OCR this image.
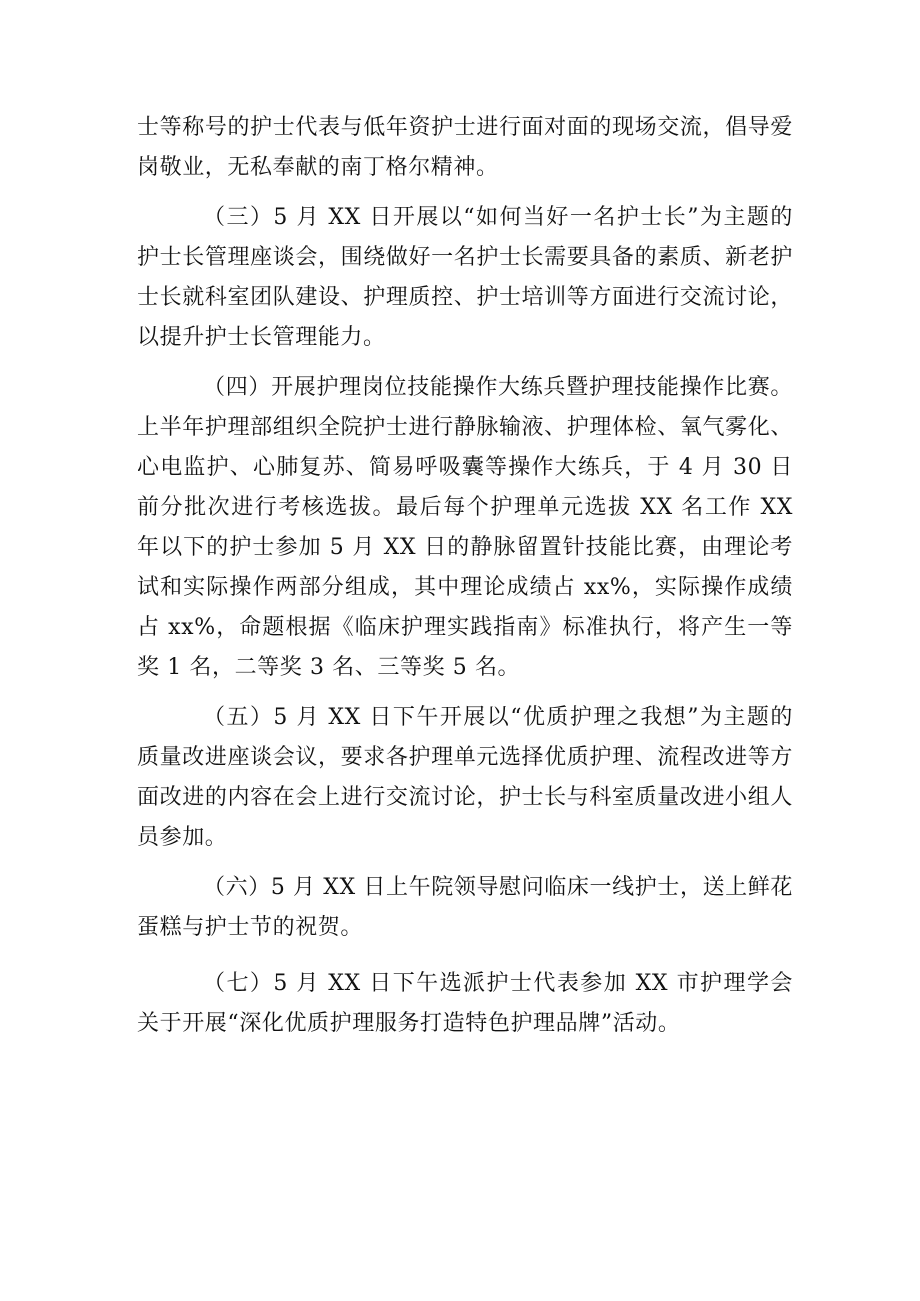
士等称号的护士代表与低年资护士进行面对面的现场交流，倡导爱岗敬业，无私奉献的南丁格尔精神。

（三）5 月 XX 日开展以“如何当好一名护士长”为主题的护士长管理座谈会，围绕做好一名护士长需要具备的素质、新老护士长就科室团队建设、护理质控、护士培训等方面进行交流讨论，以提升护士长管理能力。

（四）开展护理岗位技能操作大练兵暨护理技能操作比赛。上半年护理部组织全院护士进行静脉输液、护理体检、氧气雾化、心电监护、心肺复苏、简易呼吸囊等操作大练兵，于 4 月 30 日前分批次进行考核选拔。最后每个护理单元选拔 XX 名工作 XX 年以下的护士参加 5 月 XX 日的静脉留置针技能比赛，由理论考试和实际操作两部分组成，其中理论成绩占 xx%，实际操作成绩占 xx%，命题根据《临床护理实践指南》标准执行，将产生一等奖 1 名，二等奖 3 名、三等奖 5 名。

（五）5 月 XX 日下午开展以“优质护理之我想”为主题的质量改进座谈会议，要求各护理单元选择优质护理、流程改进等方面改进的内容在会上进行交流讨论，护士长与科室质量改进小组人员参加。

（六）5 月 XX 日上午院领导慰问临床一线护士，送上鲜花蛋糕与护士节的祝贺。

（七）5 月 XX 日下午选派护士代表参加 XX 市护理学会关于开展“深化优质护理服务打造特色护理品牌”活动。
